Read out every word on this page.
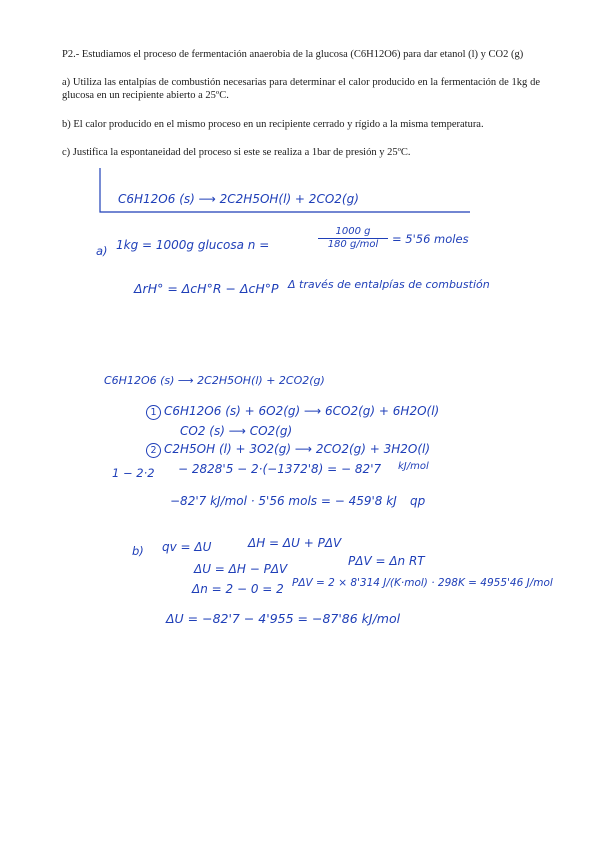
P2.- Estudiamos el proceso de fermentación anaerobia de la glucosa (C6H12O6) para dar etanol (l) y CO2 (g)
a) Utiliza las entalpías de combustión necesarias para determinar el calor producido en la fermentación de 1kg de glucosa en un recipiente abierto a 25ºC.
b) El calor producido en el mismo proceso en un recipiente cerrado y rígido a la misma temperatura.
c) Justifica la espontaneidad del proceso si este se realiza a 1bar de presión y 25ºC.
C6H12O6 (s) ⟶ 2C2H5OH(l) + 2CO2(g)
a) 1kg = 1000g glucosa n =
1000 g
180 g/mol	= 5'56 moles
ΔrH° = ΔcH°R − ΔcH°P Δ través de entalpías de combustión
C6H12O6 (s) ⟶ 2C2H5OH(l) + 2CO2(g)
1 C6H12O6 (s) + 6O2(g) ⟶ 6CO2(g) + 6H2O(l)
CO2 (s) ⟶ CO2(g)
2 C2H5OH (l) + 3O2(g) ⟶ 2CO2(g) + 3H2O(l)
1 − 2·2 − 2828'5 − 2·(−1372'8) = − 82'7 kJ/mol
−82'7 kJ/mol · 5'56 mols = − 459'8 kJ qp
b) qv = ΔU	ΔH = ΔU + PΔV
PΔV = Δn RT
ΔU = ΔH − PΔV
Δn = 2 − 0 = 2 PΔV = 2 × 8'314 J/(K·mol) · 298K = 4955'46 J/mol
ΔU = −82'7 − 4'955 = −87'86 kJ/mol
